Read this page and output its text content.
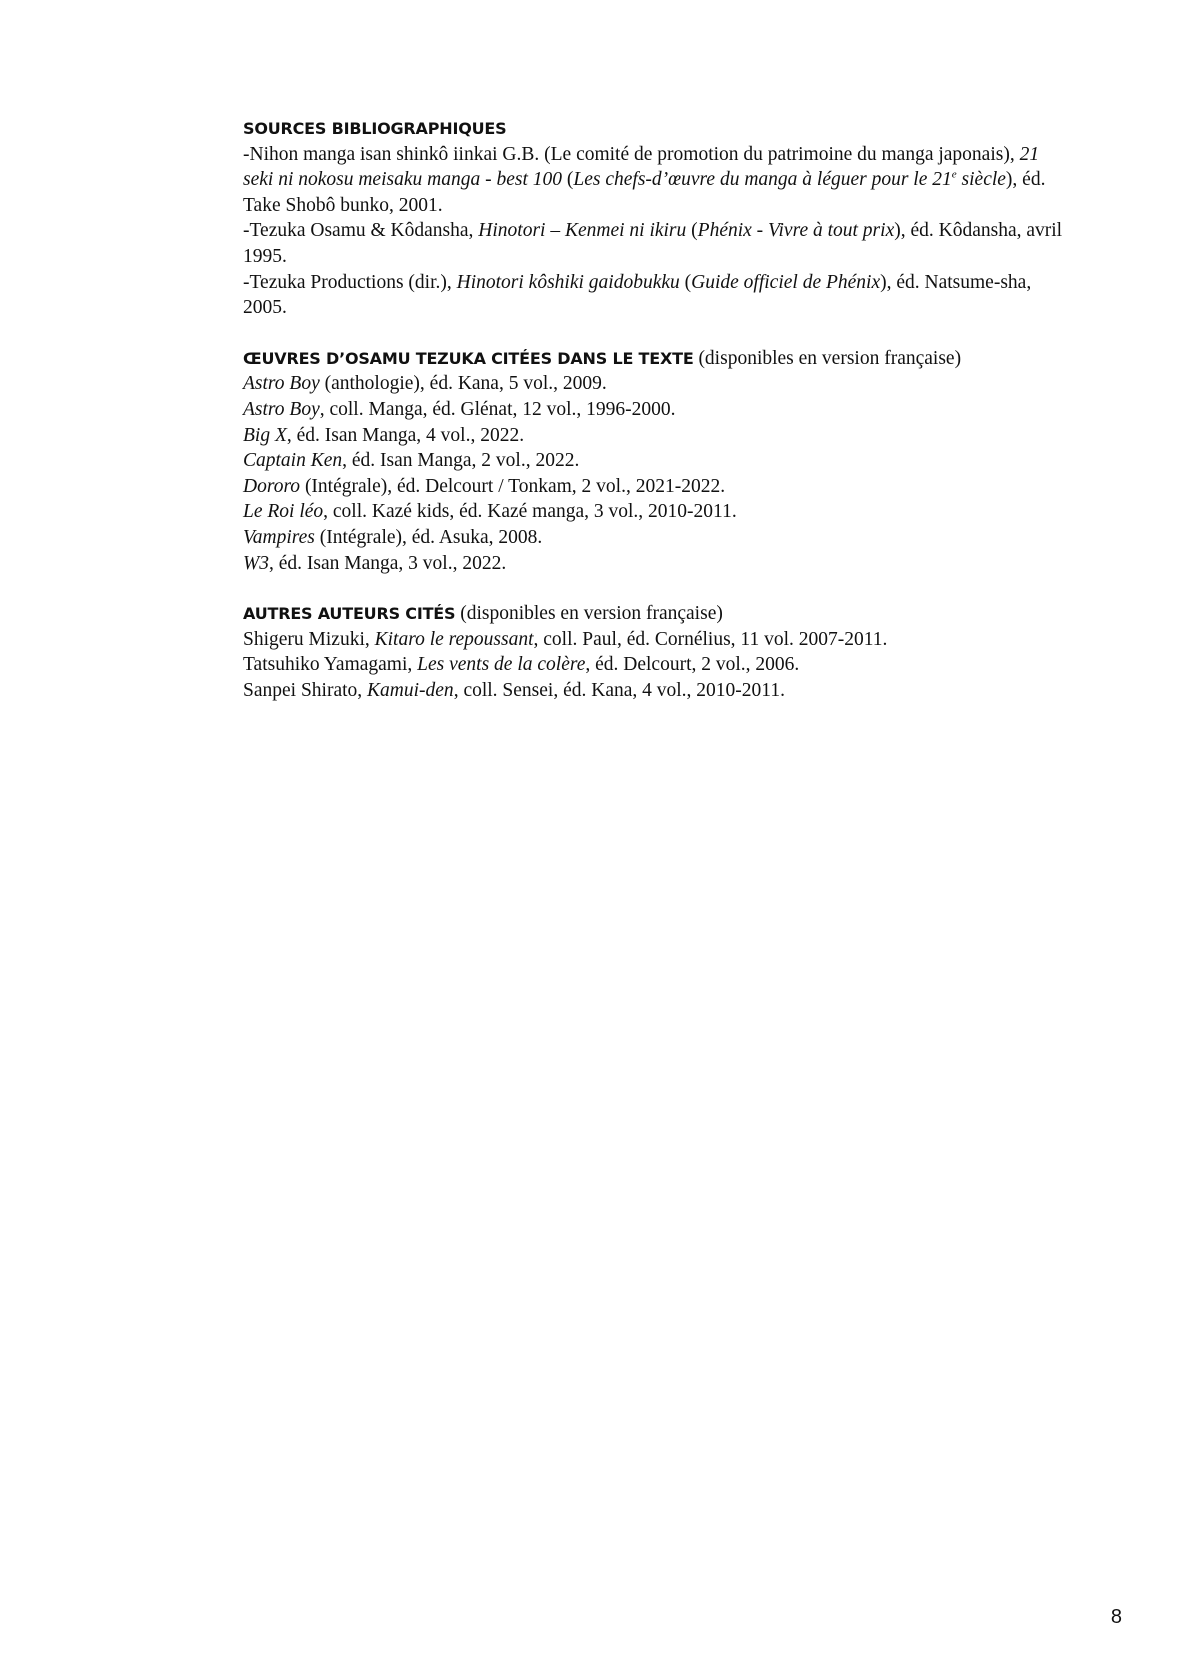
SOURCES BIBLIOGRAPHIQUES
-Nihon manga isan shinkô iinkai G.B. (Le comité de promotion du patrimoine du manga japonais), 21 seki ni nokosu meisaku manga - best 100 (Les chefs-d’œuvre du manga à léguer pour le 21e siècle), éd. Take Shobô bunko, 2001.
-Tezuka Osamu & Kôdansha, Hinotori – Kenmei ni ikiru (Phénix - Vivre à tout prix), éd. Kôdansha, avril 1995.
-Tezuka Productions (dir.), Hinotori kôshiki gaidobukku (Guide officiel de Phénix), éd. Natsume-sha, 2005.
ŒUVRES D’OSAMU TEZUKA CITÉES DANS LE TEXTE (disponibles en version française)
Astro Boy (anthologie), éd. Kana, 5 vol., 2009.
Astro Boy, coll. Manga, éd. Glénat, 12 vol., 1996-2000.
Big X, éd. Isan Manga, 4 vol., 2022.
Captain Ken, éd. Isan Manga, 2 vol., 2022.
Dororo (Intégrale), éd. Delcourt / Tonkam, 2 vol., 2021-2022.
Le Roi léo, coll. Kazé kids, éd. Kazé manga, 3 vol., 2010-2011.
Vampires (Intégrale), éd. Asuka, 2008.
W3, éd. Isan Manga, 3 vol., 2022.
AUTRES AUTEURS CITÉS (disponibles en version française)
Shigeru Mizuki, Kitaro le repoussant, coll. Paul, éd. Cornélius, 11 vol. 2007-2011.
Tatsuhiko Yamagami, Les vents de la colère, éd. Delcourt, 2 vol., 2006.
Sanpei Shirato, Kamui-den, coll. Sensei, éd. Kana, 4 vol., 2010-2011.
8
